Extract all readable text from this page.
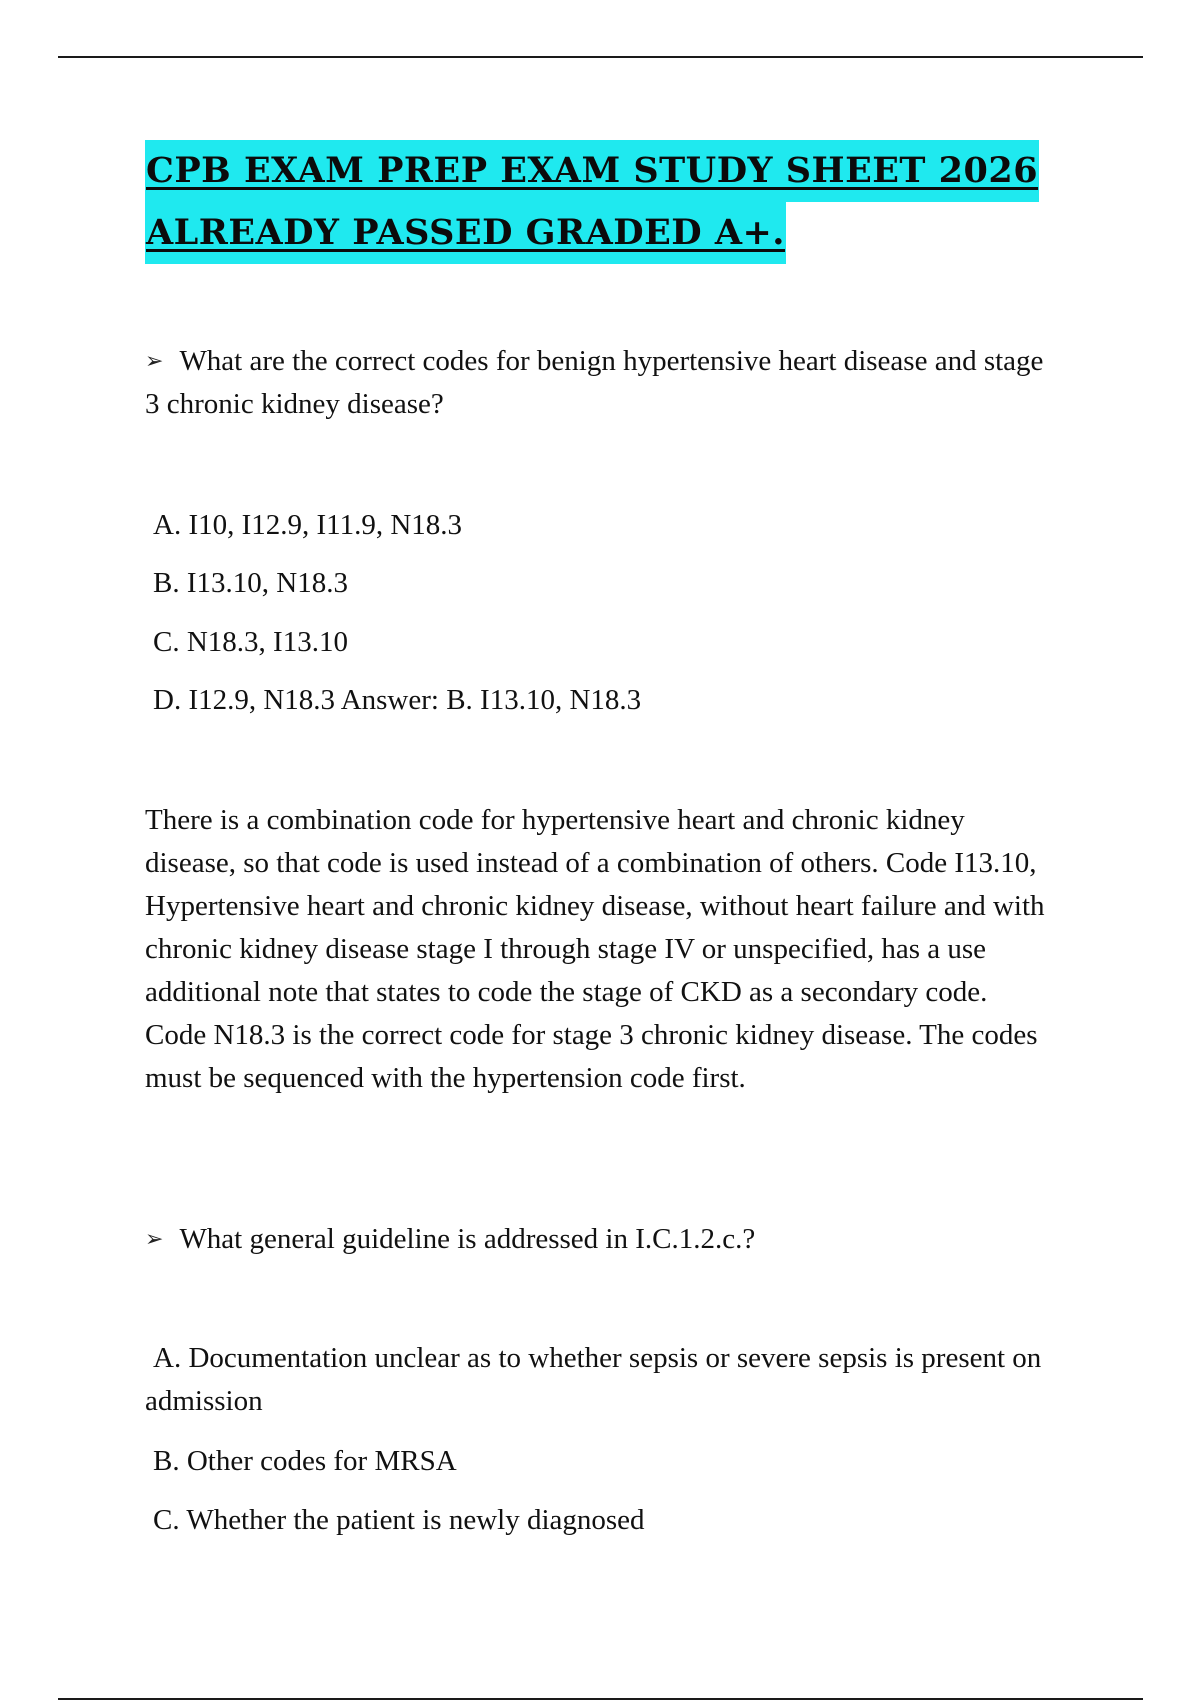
CPB EXAM PREP EXAM STUDY SHEET 2026
ALREADY PASSED GRADED A+.
➢ What are the correct codes for benign hypertensive heart disease and stage 3 chronic kidney disease?
A. I10, I12.9, I11.9, N18.3
B. I13.10, N18.3
C. N18.3, I13.10
D. I12.9, N18.3 Answer: B. I13.10, N18.3
There is a combination code for hypertensive heart and chronic kidney disease, so that code is used instead of a combination of others. Code I13.10, Hypertensive heart and chronic kidney disease, without heart failure and with chronic kidney disease stage I through stage IV or unspecified, has a use additional note that states to code the stage of CKD as a secondary code. Code N18.3 is the correct code for stage 3 chronic kidney disease. The codes must be sequenced with the hypertension code first.
➢ What general guideline is addressed in I.C.1.2.c.?
A. Documentation unclear as to whether sepsis or severe sepsis is present on admission
B. Other codes for MRSA
C. Whether the patient is newly diagnosed
